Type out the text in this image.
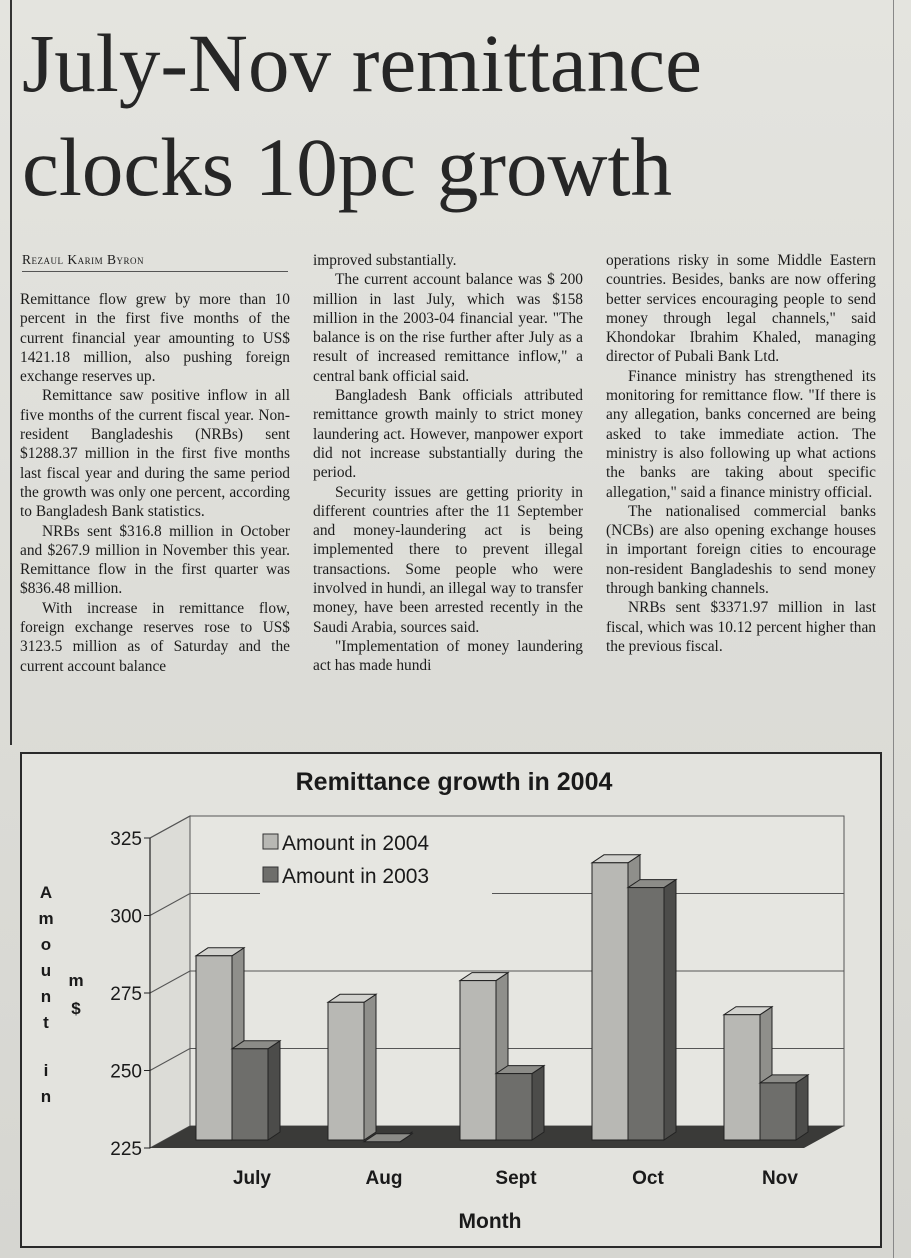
July-Nov remittance
clocks 10pc growth
Rezaul Karim Byron

Remittance flow grew by more than 10 percent in the first five months of the current financial year amounting to US$ 1421.18 million, also pushing foreign exchange reserves up.

Remittance saw positive inflow in all five months of the current fiscal year. Non-resident Bangladeshis (NRBs) sent $1288.37 million in the first five months last fiscal year and during the same period the growth was only one percent, according to Bangladesh Bank statistics.

NRBs sent $316.8 million in October and $267.9 million in November this year. Remittance flow in the first quarter was $836.48 million.

With increase in remittance flow, foreign exchange reserves rose to US$ 3123.5 million as of Saturday and the current account balance

improved substantially.

The current account balance was $ 200 million in last July, which was $158 million in the 2003-04 financial year. "The balance is on the rise further after July as a result of increased remittance inflow," a central bank official said.

Bangladesh Bank officials attributed remittance growth mainly to strict money laundering act. However, manpower export did not increase substantially during the period.

Security issues are getting priority in different countries after the 11 September and money-laundering act is being implemented there to prevent illegal transactions. Some people who were involved in hundi, an illegal way to transfer money, have been arrested recently in the Saudi Arabia, sources said.

"Implementation of money laundering act has made hundi

operations risky in some Middle Eastern countries. Besides, banks are now offering better services encouraging people to send money through legal channels," said Khondokar Ibrahim Khaled, managing director of Pubali Bank Ltd.

Finance ministry has strengthened its monitoring for remittance flow. "If there is any allegation, banks concerned are being asked to take immediate action. The ministry is also following up what actions the banks are taking about specific allegation," said a finance ministry official.

The nationalised commercial banks (NCBs) are also opening exchange houses in important foreign cities to encourage non-resident Bangladeshis to send money through banking channels.

NRBs sent $3371.97 million in last fiscal, which was 10.12 percent higher than the previous fiscal.

225
250
275
300
325
July	Aug	Sept	Oct	Nov
Remittance growth in 2004
Amount in 2004
Amount in 2003
A
m
o
u
n
t
i
n
m
$
Month
